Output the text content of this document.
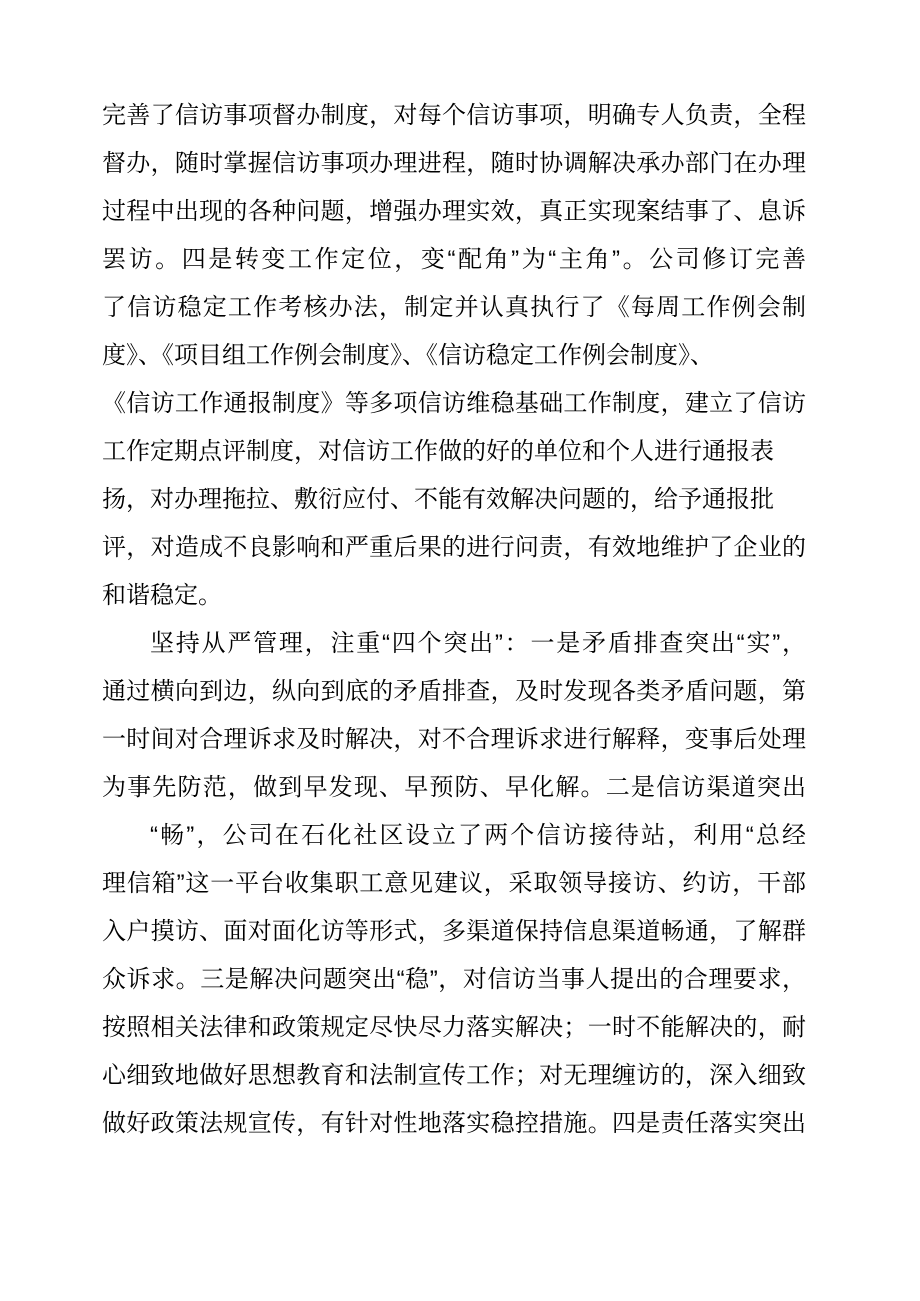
完善了信访事项督办制度，对每个信访事项，明确专人负责，全程
督办，随时掌握信访事项办理进程，随时协调解决承办部门在办理
过程中出现的各种问题，增强办理实效，真正实现案结事了、息诉
罢访。四是转变工作定位，变“配角”为“主角”。公司修订完善
了信访稳定工作考核办法，制定并认真执行了《每周工作例会制
度》、《项目组工作例会制度》、《信访稳定工作例会制度》、
《信访工作通报制度》等多项信访维稳基础工作制度，建立了信访
工作定期点评制度，对信访工作做的好的单位和个人进行通报表
扬，对办理拖拉、敷衍应付、不能有效解决问题的，给予通报批
评，对造成不良影响和严重后果的进行问责，有效地维护了企业的
和谐稳定。
坚持从严管理，注重“四个突出”：一是矛盾排查突出“实”，
通过横向到边，纵向到底的矛盾排查，及时发现各类矛盾问题，第
一时间对合理诉求及时解决，对不合理诉求进行解释，变事后处理
为事先防范，做到早发现、早预防、早化解。二是信访渠道突出
“畅”，公司在石化社区设立了两个信访接待站，利用“总经
理信箱”这一平台收集职工意见建议，采取领导接访、约访，干部
入户摸访、面对面化访等形式，多渠道保持信息渠道畅通，了解群
众诉求。三是解决问题突出“稳”，对信访当事人提出的合理要求，
按照相关法律和政策规定尽快尽力落实解决；一时不能解决的，耐
心细致地做好思想教育和法制宣传工作；对无理缠访的，深入细致
做好政策法规宣传，有针对性地落实稳控措施。四是责任落实突出
